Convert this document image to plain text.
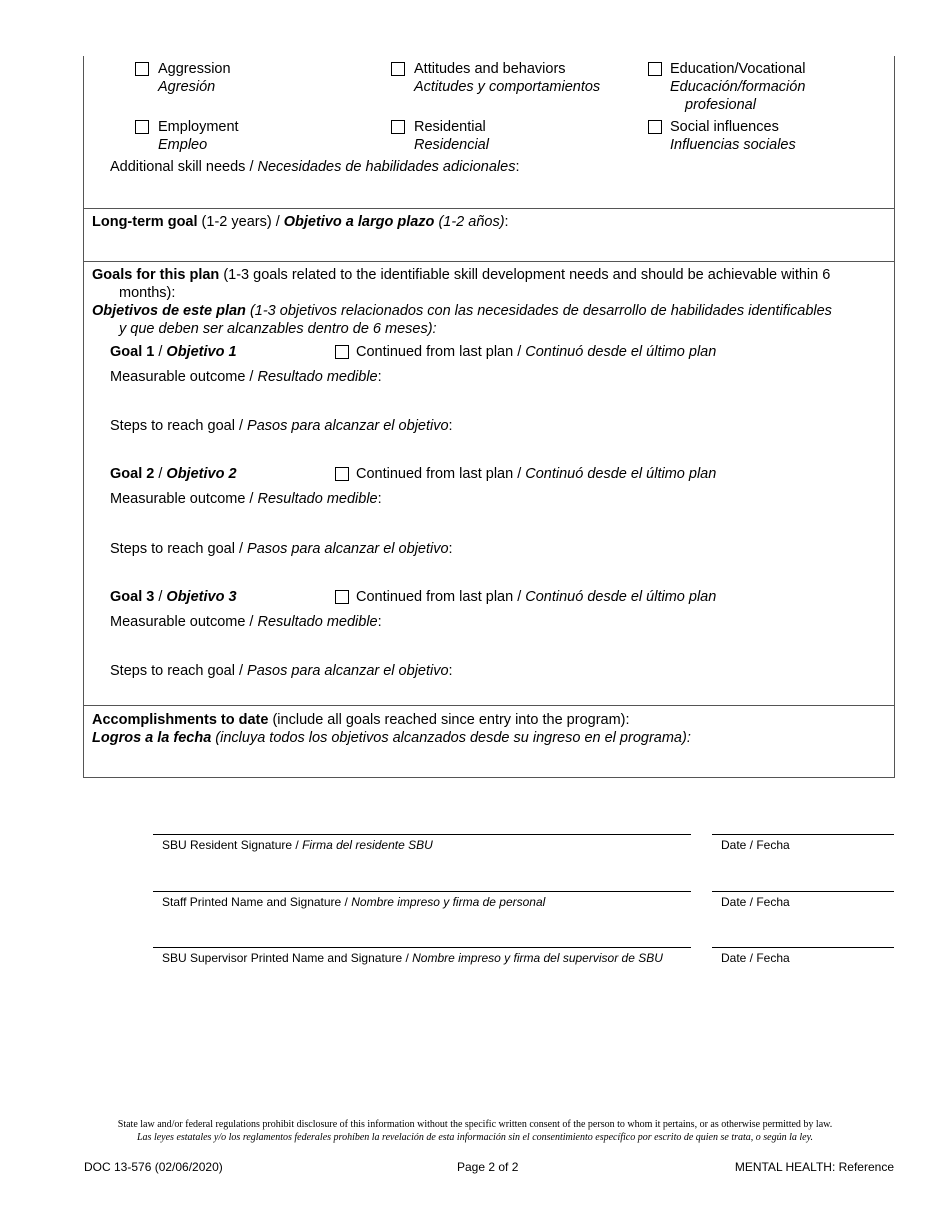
Aggression
Agresión
Attitudes and behaviors
Actitudes y comportamientos
Education/Vocational
Educación/formación
profesional
Employment
Empleo
Residential
Residencial
Social influences
Influencias sociales
Additional skill needs / Necesidades de habilidades adicionales:
Long-term goal (1-2 years) / Objetivo a largo plazo (1-2 años):
Goals for this plan (1-3 goals related to the identifiable skill development needs and should be achievable within 6
months):
Objetivos de este plan (1-3 objetivos relacionados con las necesidades de desarrollo de habilidades identificables
y que deben ser alcanzables dentro de 6 meses):
Goal 1 / Objetivo 1	Continued from last plan / Continuó desde el último plan
Measurable outcome / Resultado medible:
Steps to reach goal / Pasos para alcanzar el objetivo:
Goal 2 / Objetivo 2	Continued from last plan / Continuó desde el último plan
Measurable outcome / Resultado medible:
Steps to reach goal / Pasos para alcanzar el objetivo:
Goal 3 / Objetivo 3	Continued from last plan / Continuó desde el último plan
Measurable outcome / Resultado medible:
Steps to reach goal / Pasos para alcanzar el objetivo:
Accomplishments to date (include all goals reached since entry into the program):
Logros a la fecha (incluya todos los objetivos alcanzados desde su ingreso en el programa):
SBU Resident Signature / Firma del residente SBU	Date / Fecha
Staff Printed Name and Signature / Nombre impreso y firma de personal	Date / Fecha
SBU Supervisor Printed Name and Signature / Nombre impreso y firma del supervisor de SBU	Date / Fecha
State law and/or federal regulations prohibit disclosure of this information without the specific written consent of the person to whom it pertains, or as otherwise permitted by law.
Las leyes estatales y/o los reglamentos federales prohíben la revelación de esta información sin el consentimiento específico por escrito de quien se trata, o según la ley.
DOC 13-576 (02/06/2020)	Page 2 of 2	MENTAL HEALTH: Reference
